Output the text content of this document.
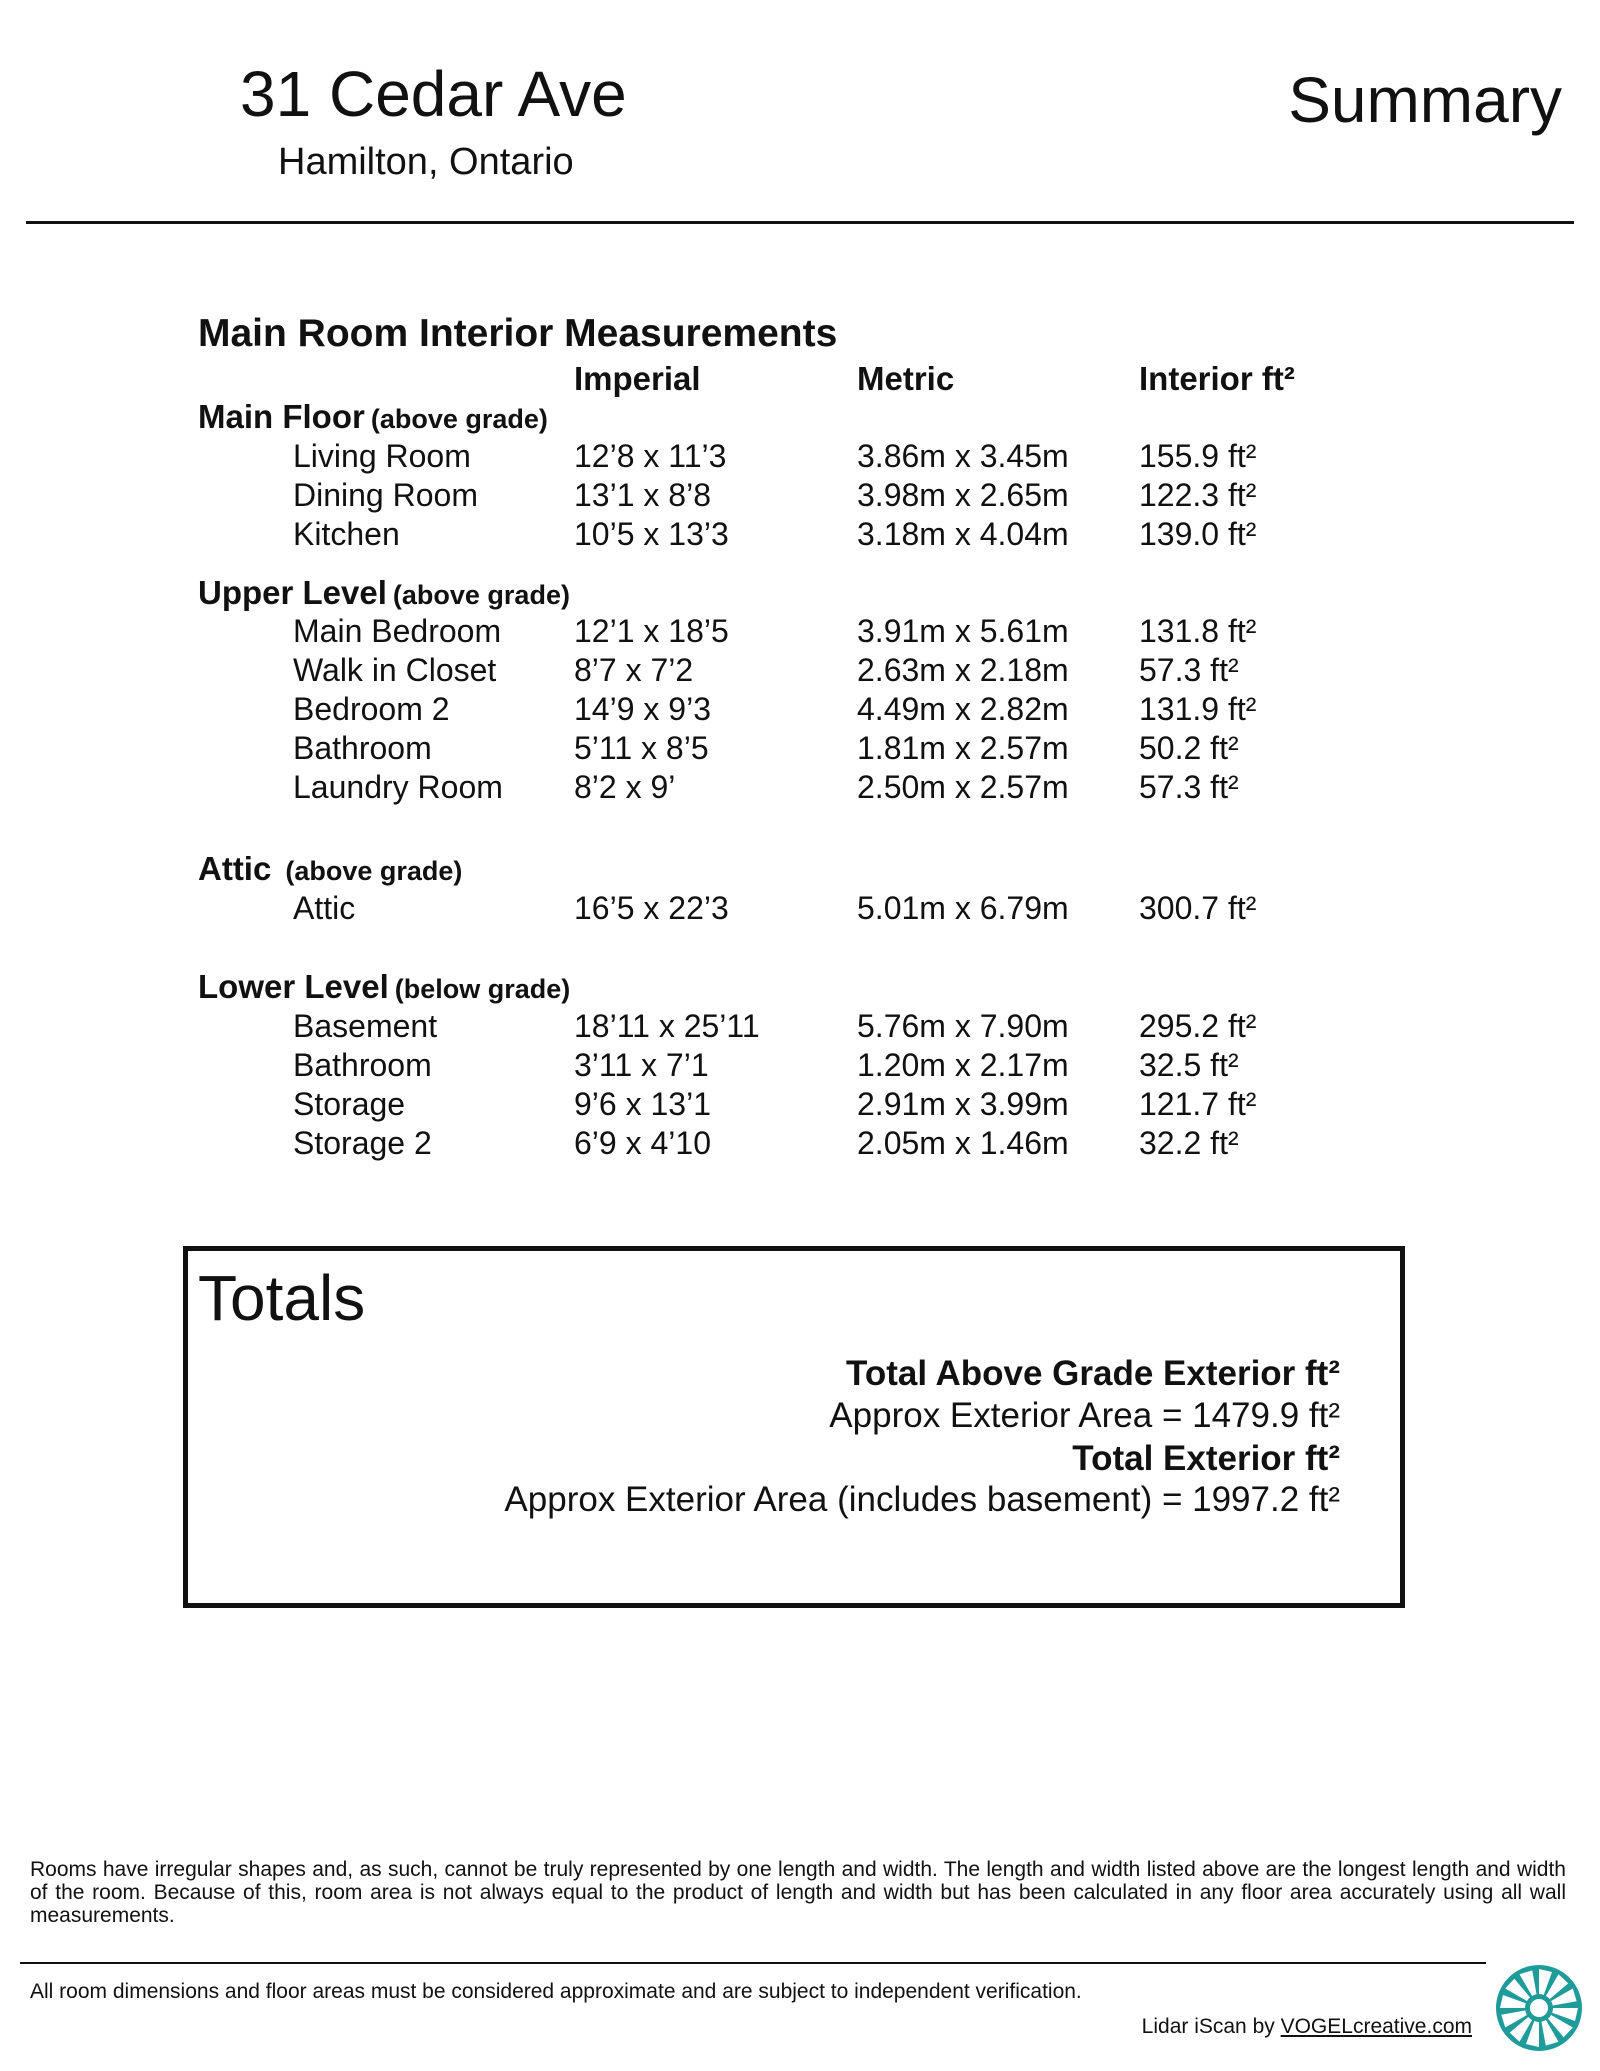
31 Cedar Ave
Hamilton, Ontario
Summary
Main Room Interior Measurements
Imperial	Metric	Interior ft²
Main Floor (above grade)
Living Room	12’8 x 11’3	3.86m x 3.45m 155.9 ft²
Dining Room	13’1 x 8’8	3.98m x 2.65m 122.3 ft²
Kitchen	10’5 x 13’3	3.18m x 4.04m 139.0 ft²
Upper Level (above grade)
Main Bedroom 12’1 x 18’5	3.91m x 5.61m 131.8 ft²
Walk in Closet 8’7 x 7’2	2.63m x 2.18m 57.3 ft²
Bedroom 2	14’9 x 9’3	4.49m x 2.82m 131.9 ft²
Bathroom	5’11 x 8’5	1.81m x 2.57m 50.2 ft²
Laundry Room 8’2 x 9’	2.50m x 2.57m 57.3 ft²
Attic (above grade)
Attic	16’5 x 22’3	5.01m x 6.79m 300.7 ft²
Lower Level (below grade)
Basement	18’11 x 25’11	5.76m x 7.90m 295.2 ft²
Bathroom	3’11 x 7’1	1.20m x 2.17m 32.5 ft²
Storage	9’6 x 13’1	2.91m x 3.99m 121.7 ft²
Storage 2	6’9 x 4’10	2.05m x 1.46m 32.2 ft²
Totals
Total Above Grade Exterior ft²
Approx Exterior Area = 1479.9 ft²
Total Exterior ft²
Approx Exterior Area (includes basement) = 1997.2 ft²
Rooms have irregular shapes and, as such, cannot be truly represented by one length and width. The length and width listed above are the longest length and width of the room. Because of this, room area is not always equal to the product of length and width but has been calculated in any floor area accurately using all wall measurements.
All room dimensions and floor areas must be considered approximate and are subject to independent verification.
Lidar iScan by VOGELcreative.com
